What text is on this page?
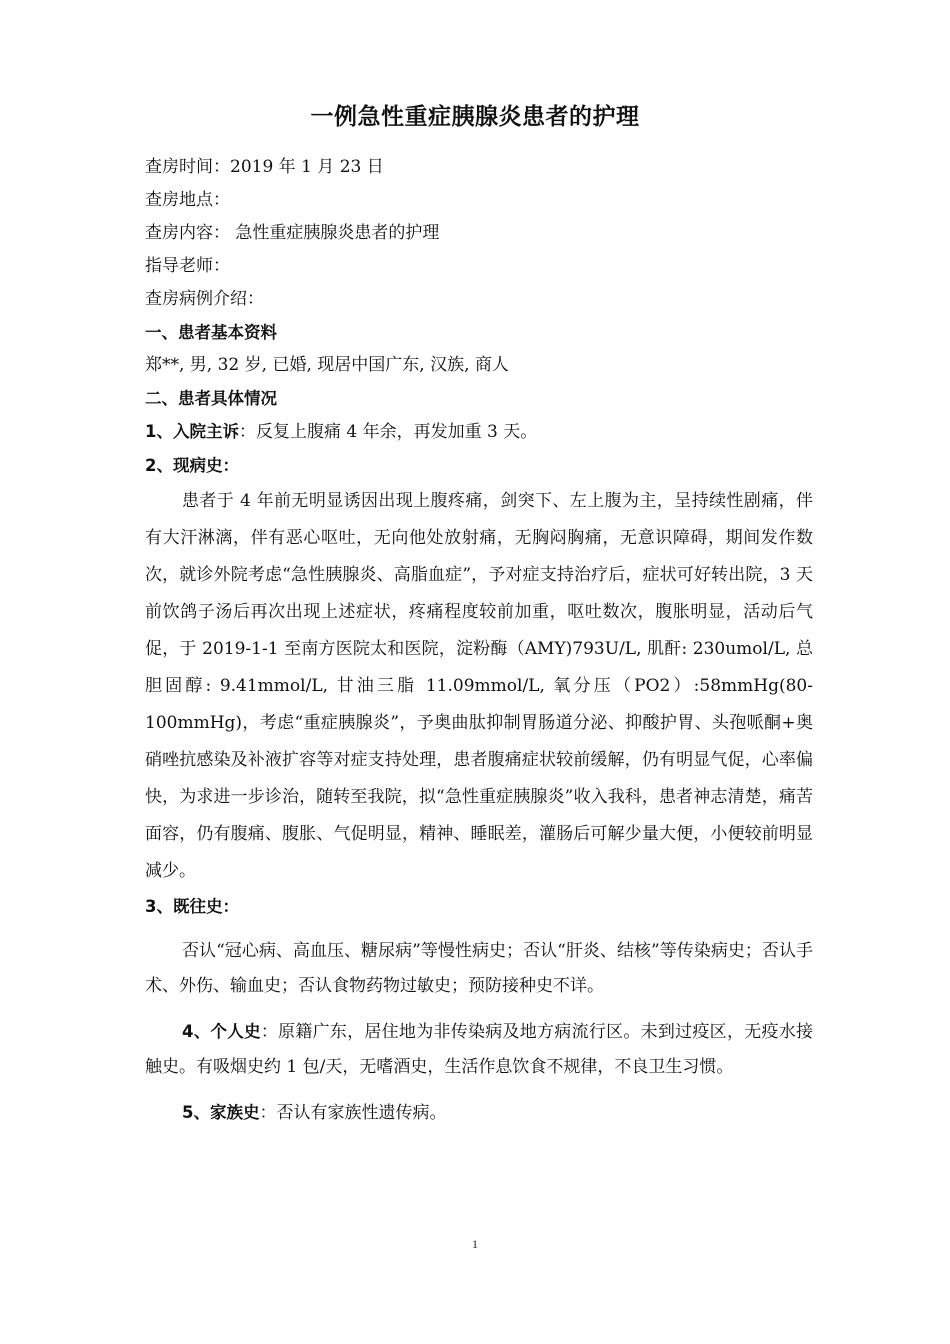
一例急性重症胰腺炎患者的护理

查房时间：2019 年 1 月 23 日

查房地点：

查房内容： 急性重症胰腺炎患者的护理

指导老师：

查房病例介绍：

一、患者基本资料

郑**, 男, 32 岁, 已婚, 现居中国广东, 汉族, 商人

二、患者具体情况

1、入院主诉：反复上腹痛 4 年余，再发加重 3 天。

2、现病史：

患者于 4 年前无明显诱因出现上腹疼痛，剑突下、左上腹为主，呈持续性剧痛，伴有大汗淋漓，伴有恶心呕吐，无向他处放射痛，无胸闷胸痛，无意识障碍，期间发作数次，就诊外院考虑“急性胰腺炎、高脂血症”，予对症支持治疗后，症状可好转出院，3 天前饮鸽子汤后再次出现上述症状，疼痛程度较前加重，呕吐数次，腹胀明显，活动后气促，于 2019-1-1 至南方医院太和医院，淀粉酶（AMY)793U/L, 肌酐: 230umol/L, 总胆固醇: 9.41mmol/L, 甘油三脂 11.09mmol/L, 氧分压（PO2）:58mmHg(80-100mmHg)，考虑“重症胰腺炎”，予奥曲肽抑制胃肠道分泌、抑酸护胃、头孢哌酮+奥硝唑抗感染及补液扩容等对症支持处理，患者腹痛症状较前缓解，仍有明显气促，心率偏快，为求进一步诊治，随转至我院，拟“急性重症胰腺炎”收入我科，患者神志清楚，痛苦面容，仍有腹痛、腹胀、气促明显，精神、睡眠差，灌肠后可解少量大便，小便较前明显减少。

3、既往史：

否认“冠心病、高血压、糖尿病”等慢性病史；否认“肝炎、结核”等传染病史；否认手术、外伤、输血史；否认食物药物过敏史；预防接种史不详。

4、个人史：原籍广东，居住地为非传染病及地方病流行区。未到过疫区，无疫水接触史。有吸烟史约 1 包/天，无嗜酒史，生活作息饮食不规律，不良卫生习惯。

5、家族史：否认有家族性遗传病。

1
